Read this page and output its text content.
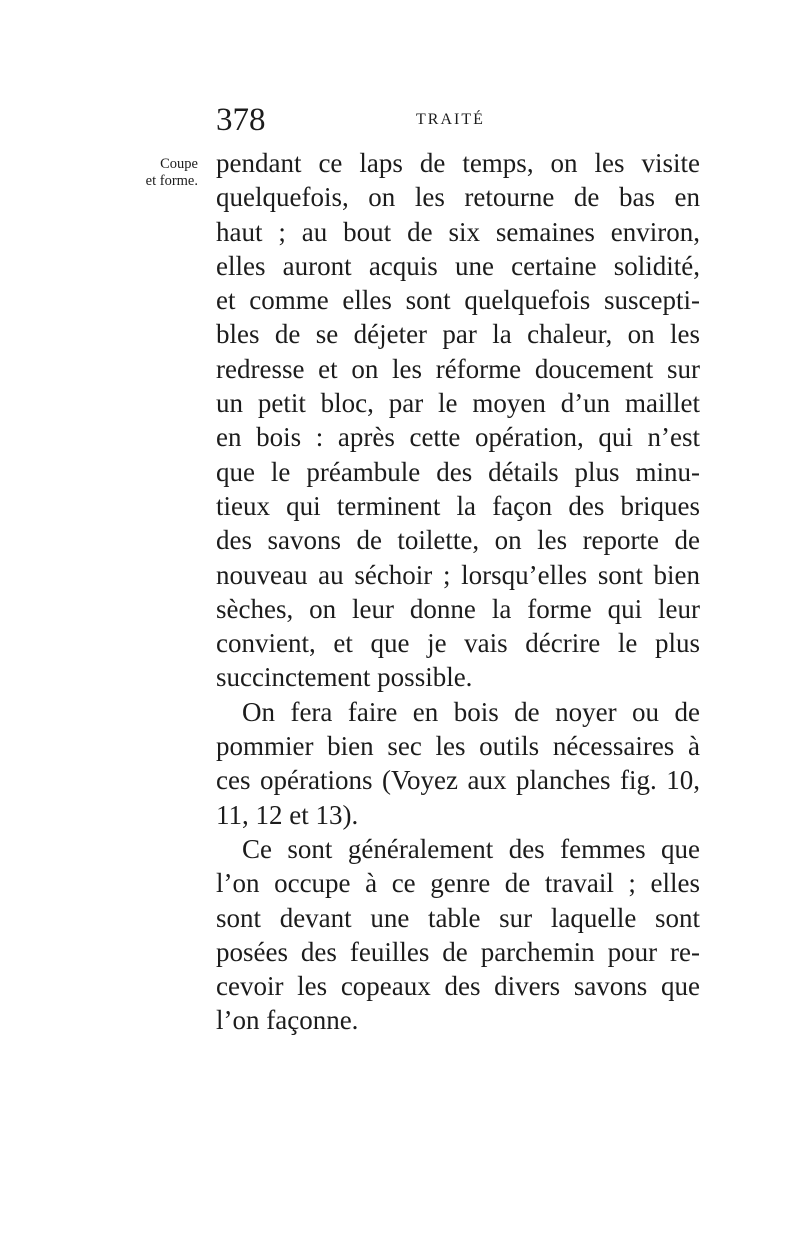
378	TRAITÉ
Coupe
et forme.
pendant ce laps de temps, on les visite
quelquefois, on les retourne de bas en
haut ; au bout de six semaines environ,
elles auront acquis une certaine solidité,
et comme elles sont quelquefois suscepti-
bles de se déjeter par la chaleur, on les
redresse et on les réforme doucement sur
un petit bloc, par le moyen d’un maillet
en bois : après cette opération, qui n’est
que le préambule des détails plus minu-
tieux qui terminent la façon des briques
des savons de toilette, on les reporte de
nouveau au séchoir ; lorsqu’elles sont bien
sèches, on leur donne la forme qui leur
convient, et que je vais décrire le plus
succinctement possible.
On fera faire en bois de noyer ou de
pommier bien sec les outils nécessaires à
ces opérations (Voyez aux planches fig. 10,
11, 12 et 13).
Ce sont généralement des femmes que
l’on occupe à ce genre de travail ; elles
sont devant une table sur laquelle sont
posées des feuilles de parchemin pour re-
cevoir les copeaux des divers savons que
l’on façonne.
